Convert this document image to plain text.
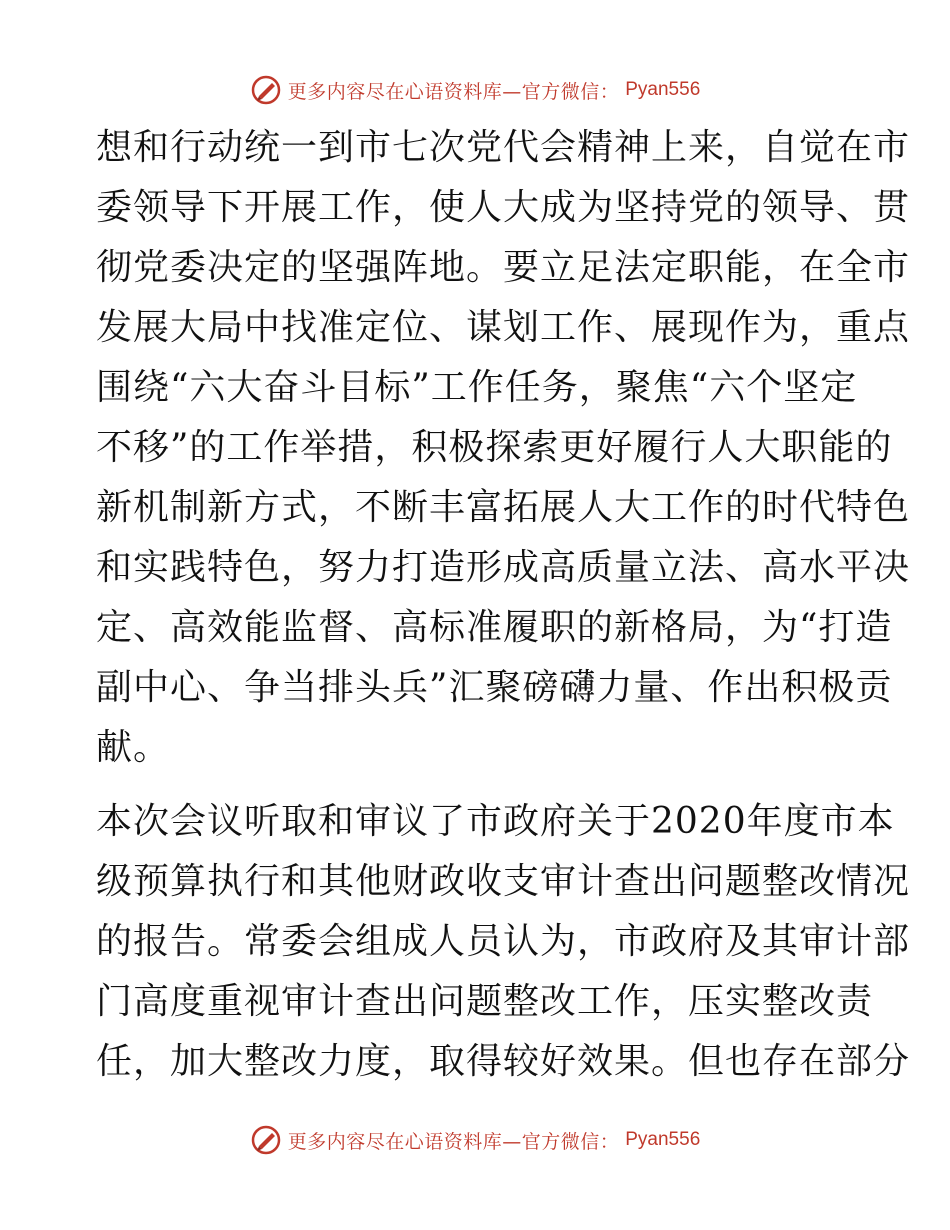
更多内容尽在心语资料库—官方微信： Pyan556
想和行动统一到市七次党代会精神上来，自觉在市
委领导下开展工作，使人大成为坚持党的领导、贯
彻党委决定的坚强阵地。要立足法定职能，在全市
发展大局中找准定位、谋划工作、展现作为，重点
围绕“六大奋斗目标”工作任务，聚焦“六个坚定
不移”的工作举措，积极探索更好履行人大职能的
新机制新方式，不断丰富拓展人大工作的时代特色
和实践特色，努力打造形成高质量立法、高水平决
定、高效能监督、高标准履职的新格局，为“打造
副中心、争当排头兵”汇聚磅礴力量、作出积极贡
献。
本次会议听取和审议了市政府关于2020年度市本
级预算执行和其他财政收支审计查出问题整改情况
的报告。常委会组成人员认为，市政府及其审计部
门高度重视审计查出问题整改工作，压实整改责
任，加大整改力度，取得较好效果。但也存在部分
更多内容尽在心语资料库—官方微信： Pyan556
